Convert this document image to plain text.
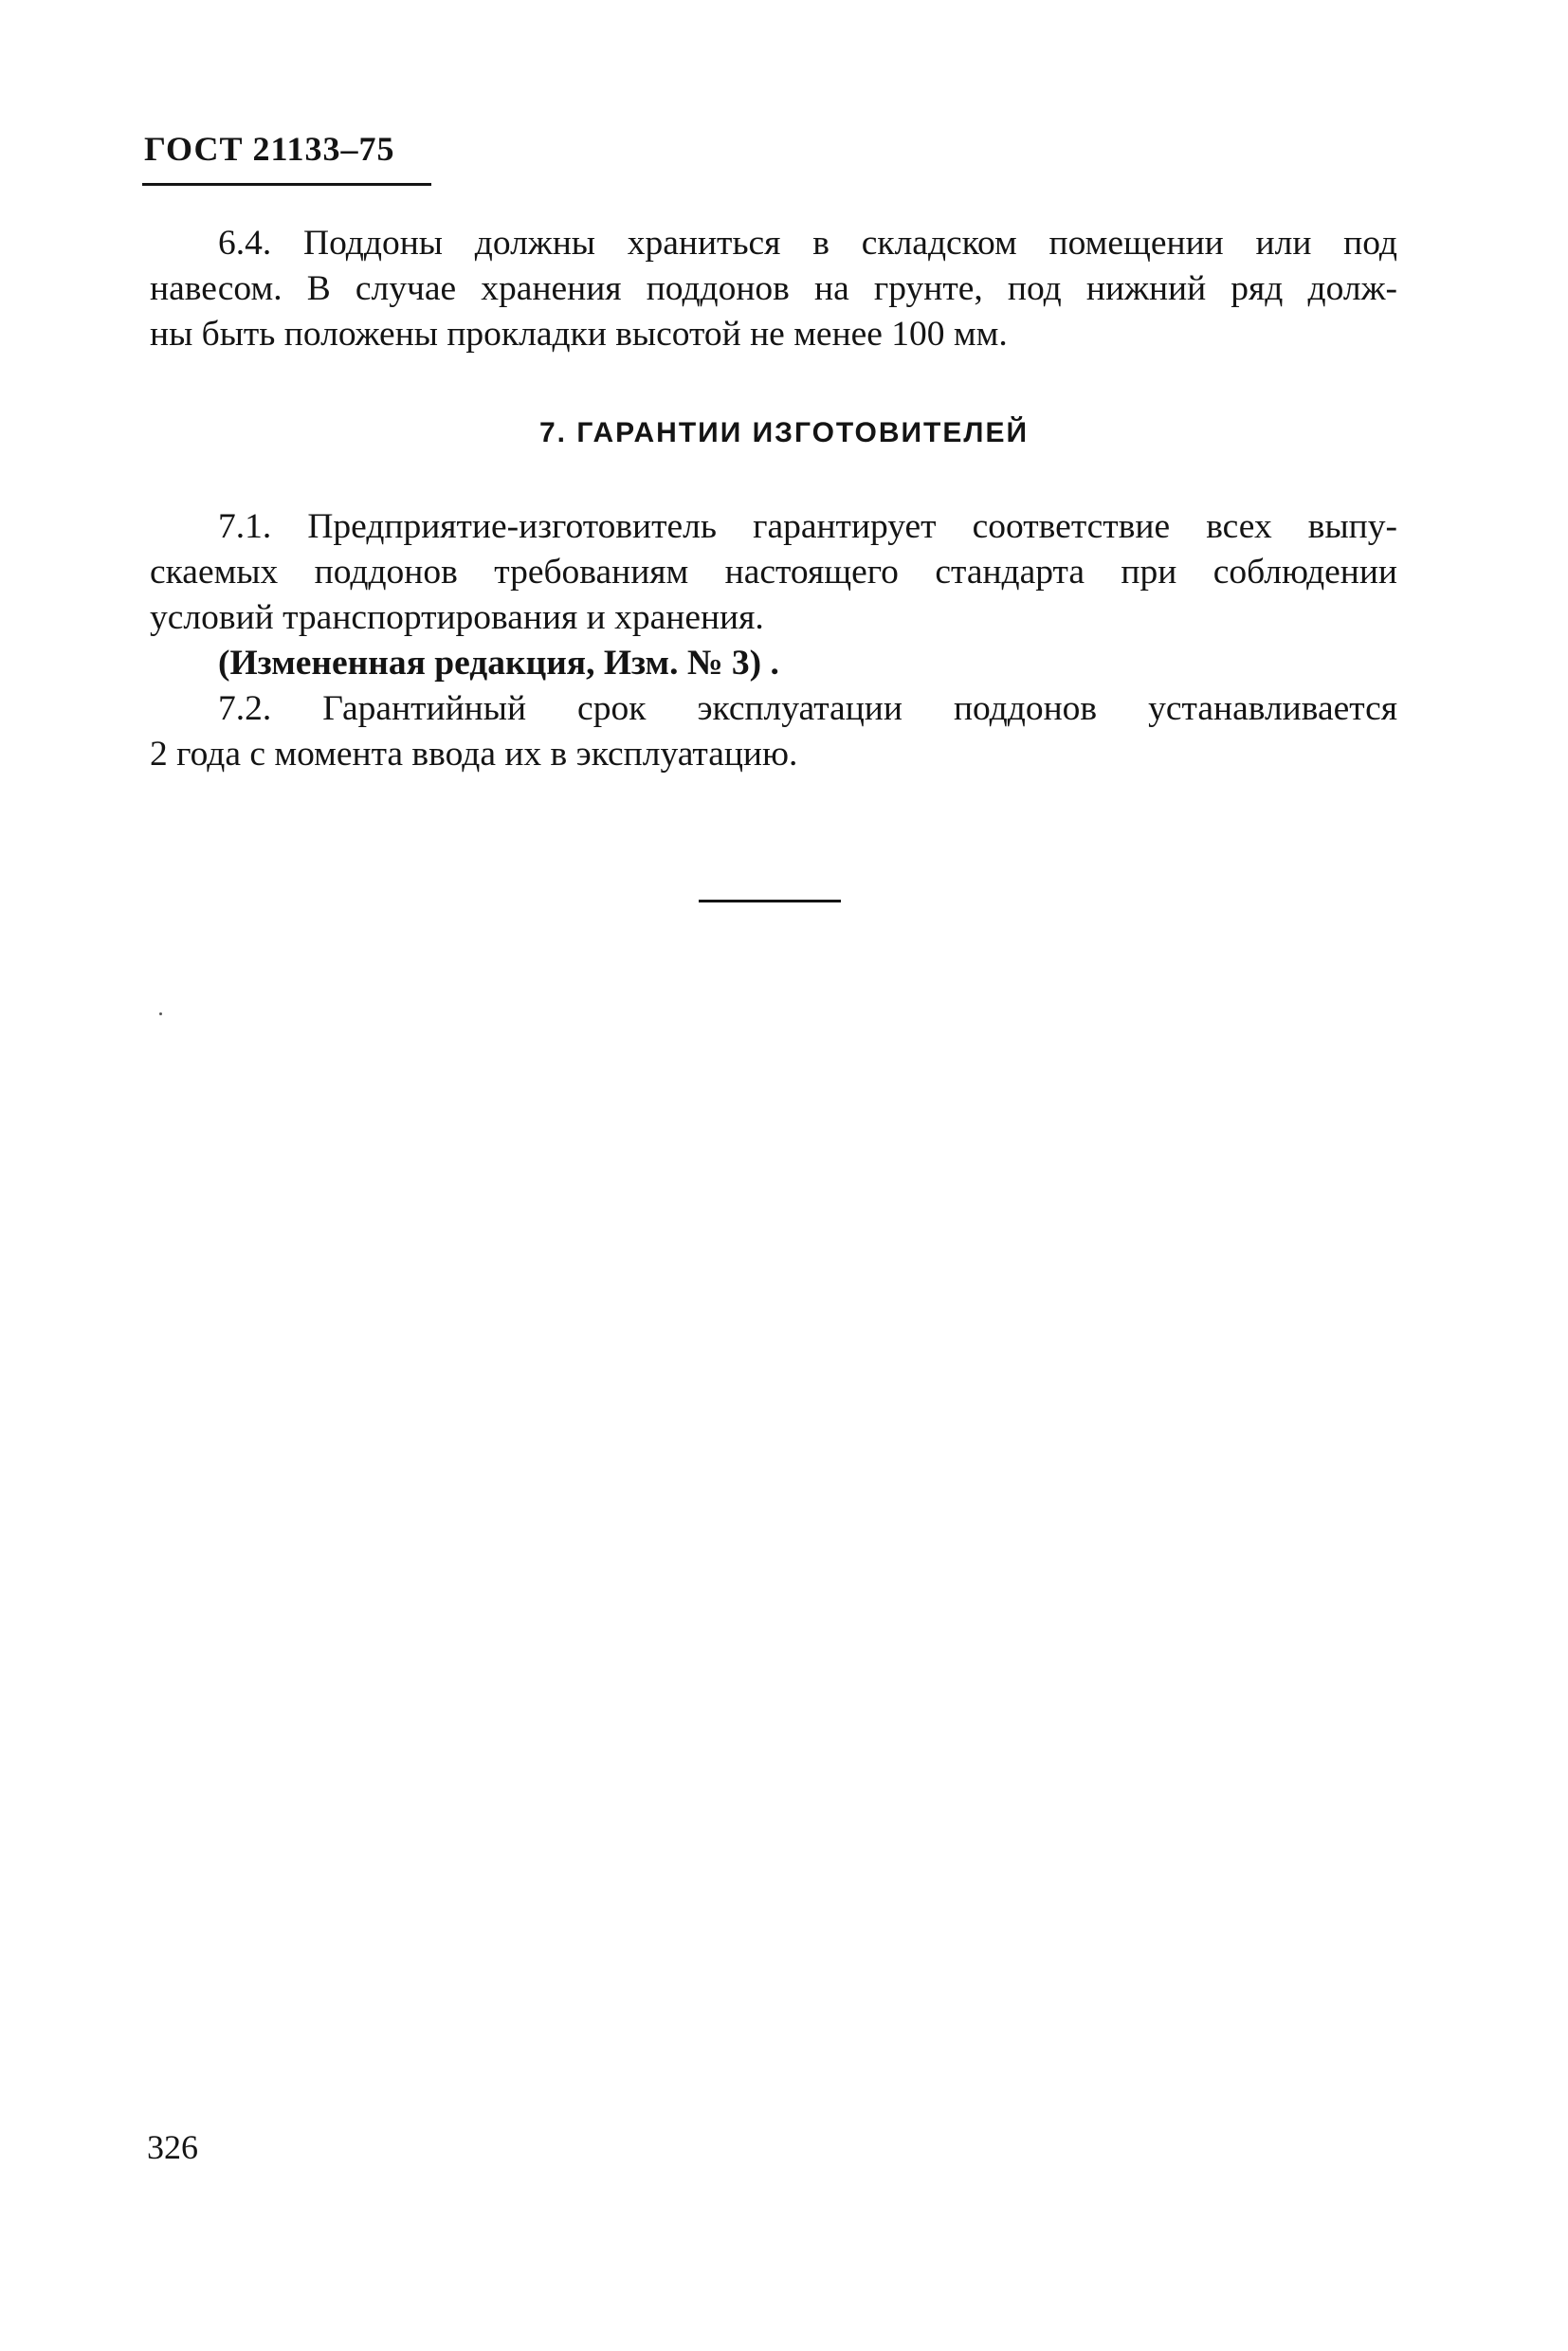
ГОСТ 21133–75
6.4. Поддоны должны храниться в складском помещении или под
навесом. В случае хранения поддонов на грунте, под нижний ряд долж-
ны быть положены прокладки высотой не менее 100 мм.
7. ГАРАНТИИ ИЗГОТОВИТЕЛЕЙ
7.1. Предприятие-изготовитель гарантирует соответствие всех выпу-
скаемых поддонов требованиям настоящего стандарта при соблюдении
условий транспортирования и хранения.
(Измененная редакция, Изм. № 3) .
7.2. Гарантийный срок эксплуатации поддонов устанавливается
2 года с момента ввода их в эксплуатацию.
326
